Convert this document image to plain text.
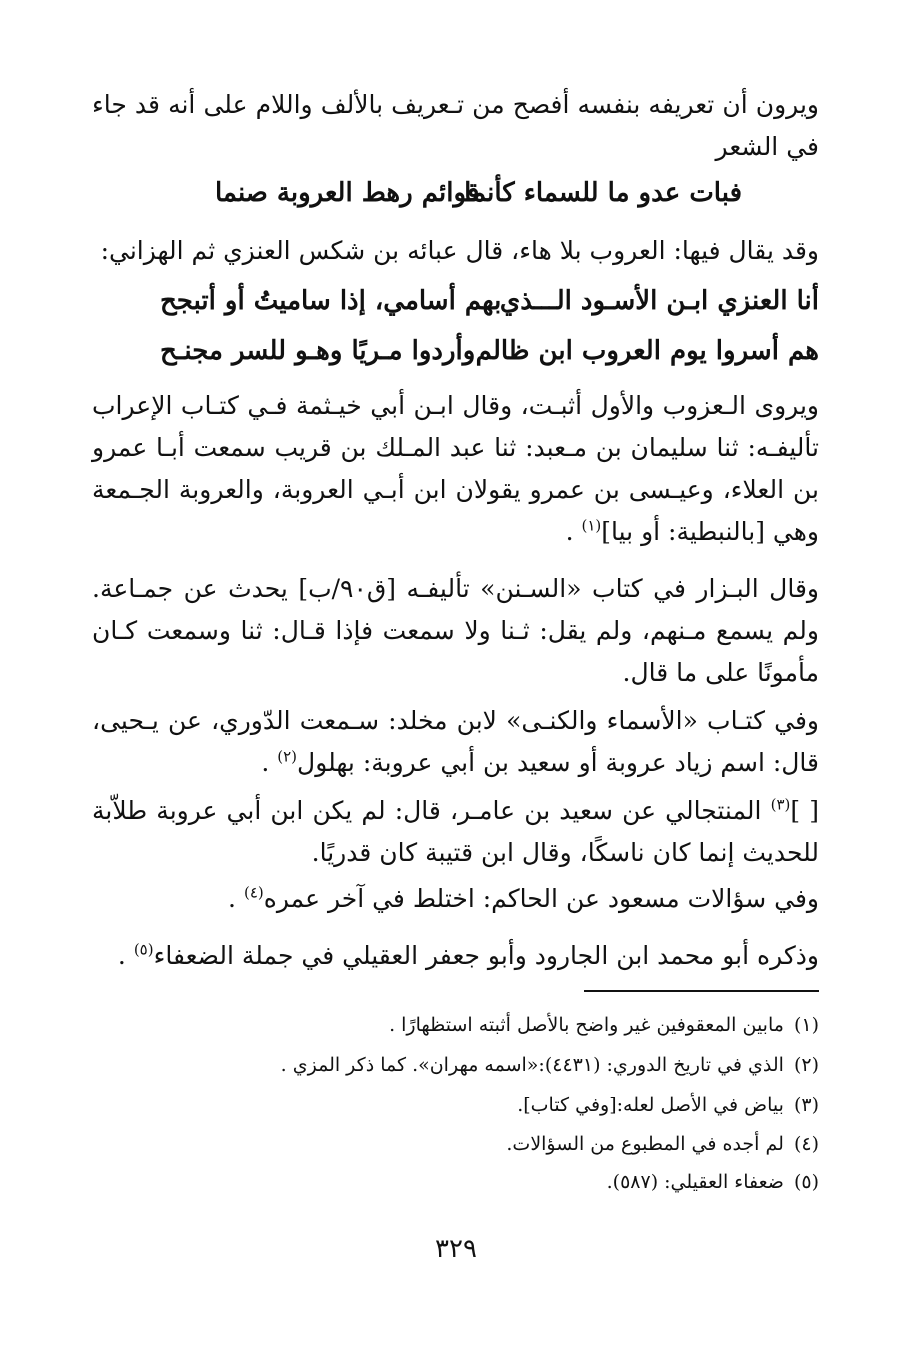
ويرون أن تعريفه بنفسه أفصح من تـعريف بالألف واللام على أنه قد جاء في الشعر

فبات عدو ما للسماء كأنما
قوائم رهط العروبة صنما

وقد يقال فيها: العروب بلا هاء، قال عبائه بن شكس العنزي ثم الهزاني:

أنا العنزي ابـن الأسـود الـــذي
بهم أسامي، إذا ساميتُ أو أتبجح
هم أسروا يوم العروب ابن ظالم
وأردوا مـريًا وهـو للسر مجنـح

ويروى الـعزوب والأول أثبـت، وقال ابـن أبي خيـثمة فـي كتـاب الإعراب تأليفـه: ثنا سليمان بن مـعبد: ثنا عبد المـلك بن قريب سمعت أبـا عمرو بن العلاء، وعيـسى بن عمرو يقولان ابن أبـي العروبة، والعروبة الجـمعة وهي [بالنبطية: أو بيا]$^{(١)}$ .

وقال البـزار في كتاب «السـنن» تأليفـه [ق٩٠/ب] يحدث عن جمـاعة. ولم يسمع مـنهم، ولم يقل: ثـنا ولا سمعت فإذا قـال: ثنا وسمعت كـان مأمونًا على ما قال.

وفي كتـاب «الأسماء والكنـى» لابن مخلد: سـمعت الدّوري، عن يـحيى، قال: اسم زياد عروبة أو سعيد بن أبي عروبة: بهلول$^{(٢)}$ .

[ ]$^{(٣)}$ المنتجالي عن سعيد بن عامـر، قال: لم يكن ابن أبي عروبة طلاّبة للحديث إنما كان ناسكًا، وقال ابن قتيبة كان قدريًا.

وفي سؤالات مسعود عن الحاكم: اختلط في آخر عمره$^{(٤)}$ .

وذكره أبو محمد ابن الجارود وأبو جعفر العقيلي في جملة الضعفاء$^{(٥)}$ .

(١)مابين المعقوفين غير واضح بالأصل أثبته استظهارًا .
(٢)الذي في تاريخ الدوري: (٤٤٣١):«اسمه مهران». كما ذكر المزي .
(٣)بياض في الأصل لعله:[وفي كتاب].
(٤)لم أجده في المطبوع من السؤالات.
(٥)ضعفاء العقيلي: (٥٨٧).
٣٢٩
